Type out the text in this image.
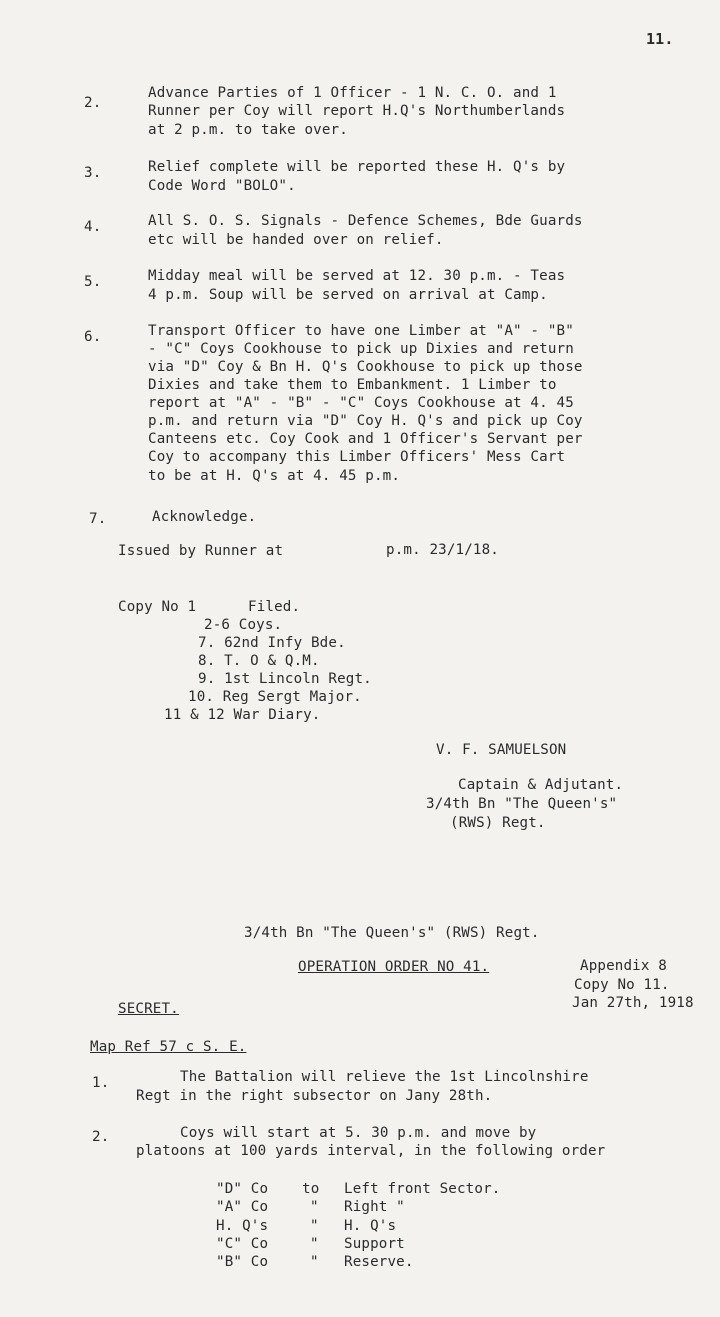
11.
2.
Advance Parties of 1 Officer - 1 N. C. O. and 1
Runner per Coy will report H.Q's Northumberlands
at 2 p.m. to take over.
3.	Relief complete will be reported these H. Q's by
Code Word "BOLO".
4.	All S. O. S. Signals - Defence Schemes, Bde Guards
etc will be handed over on relief.
5.	Midday meal will be served at 12. 30 p.m. - Teas
4 p.m. Soup will be served on arrival at Camp.
6.	Transport Officer to have one Limber at "A" - "B"
- "C" Coys Cookhouse to pick up Dixies and return
via "D" Coy & Bn H. Q's Cookhouse to pick up those
Dixies and take them to Embankment. 1 Limber to
report at "A" - "B" - "C" Coys Cookhouse at 4. 45
p.m. and return via "D" Coy H. Q's and pick up Coy
Canteens etc. Coy Cook and 1 Officer's Servant per
Coy to accompany this Limber Officers' Mess Cart
to be at H. Q's at 4. 45 p.m.
7.	Acknowledge.
Issued by Runner at	p.m. 23/1/18.
Copy No 1	Filed.
2-6 Coys.
7. 62nd Infy Bde.
8. T. O & Q.M.
9. 1st Lincoln Regt.
10. Reg Sergt Major.
11 & 12 War Diary.
V. F. SAMUELSON
Captain & Adjutant.
3/4th Bn "The Queen's"
(RWS) Regt.
3/4th Bn "The Queen's" (RWS) Regt.
OPERATION ORDER NO 41.	Appendix 8
Copy No 11.
Jan 27th, 1918
SECRET.
Map Ref 57 c S. E.
1.	The Battalion will relieve the 1st Lincolnshire
Regt in the right subsector on Jany 28th.
2.	Coys will start at 5. 30 p.m. and move by
platoons at 100 yards interval, in the following order
"D" Co to Left front Sector.
"A" Co	" Right "
H. Q's	" H. Q's
"C" Co	" Support
"B" Co	" Reserve.
